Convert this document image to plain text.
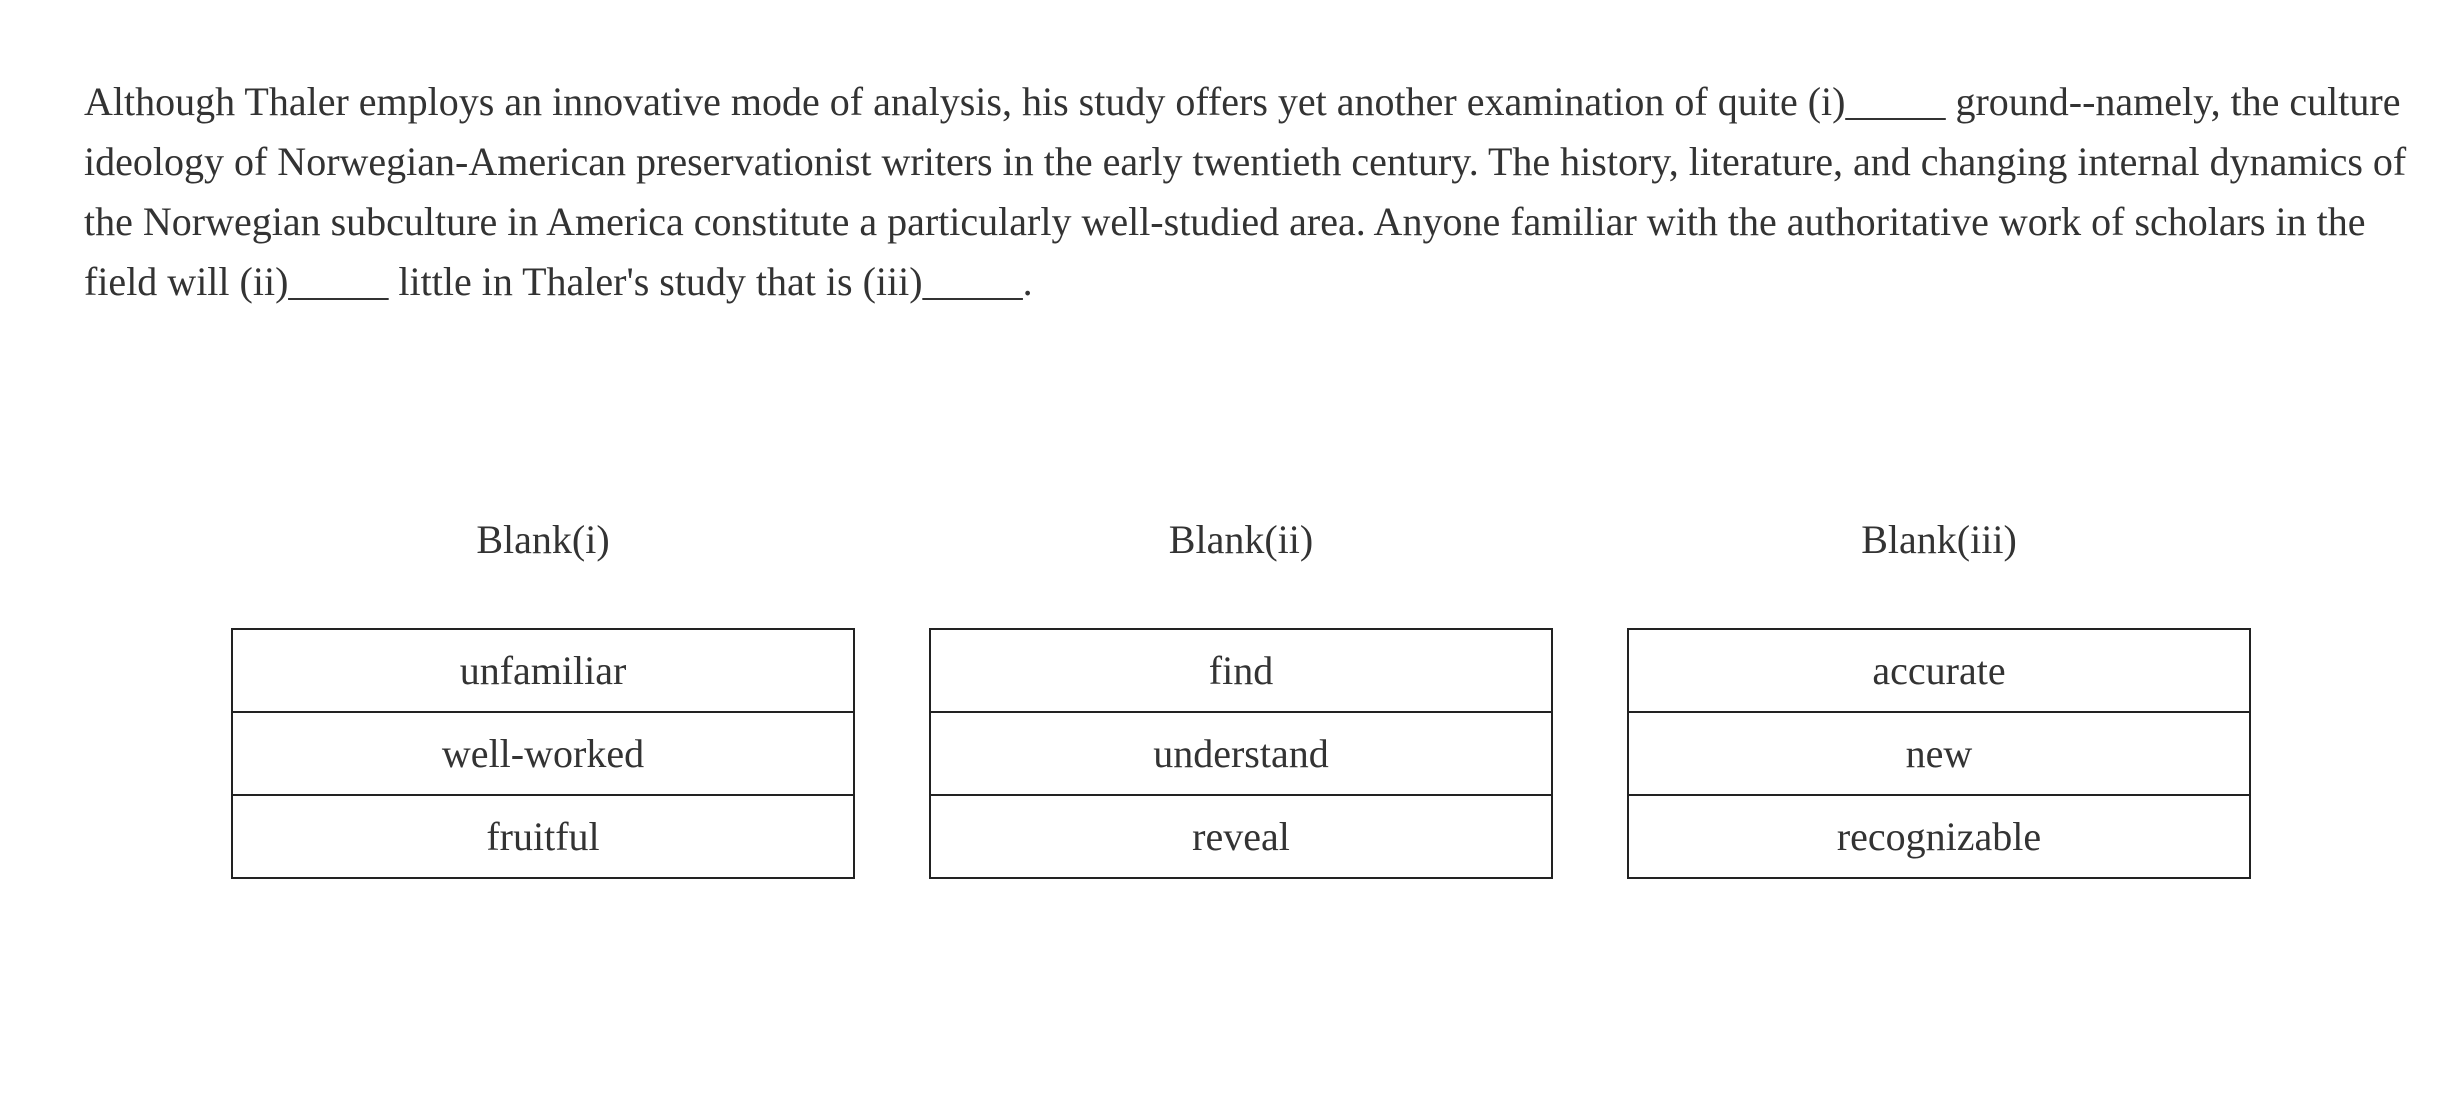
Although Thaler employs an innovative mode of analysis, his study offers yet another examination of quite (i)_____ ground--namely, the culture ideology of Norwegian-American preservationist writers in the early twentieth century. The history, literature, and changing internal dynamics of the Norwegian subculture in America constitute a particularly well-studied area. Anyone familiar with the authoritative work of scholars in the field will (ii)_____ little in Thaler's study that is (iii)_____.

Blank(i)
unfamiliar
well-worked
fruitful
Blank(ii)
find
understand
reveal
Blank(iii)
accurate
new
recognizable
